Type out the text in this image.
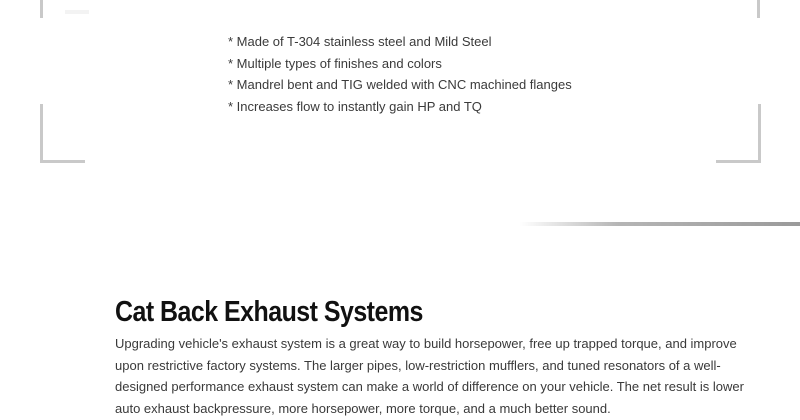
* Made of T-304 stainless steel and Mild Steel
* Multiple types of finishes and colors
* Mandrel bent and TIG welded with CNC machined flanges
* Increases flow to instantly gain HP and TQ
Cat Back Exhaust Systems

Upgrading vehicle's exhaust system is a great way to build horsepower, free up trapped torque, and improve upon restrictive factory systems. The larger pipes, low-restriction mufflers, and tuned resonators of a well-designed performance exhaust system can make a world of difference on your vehicle. The net result is lower auto exhaust backpressure, more horsepower, more torque, and a much better sound.
